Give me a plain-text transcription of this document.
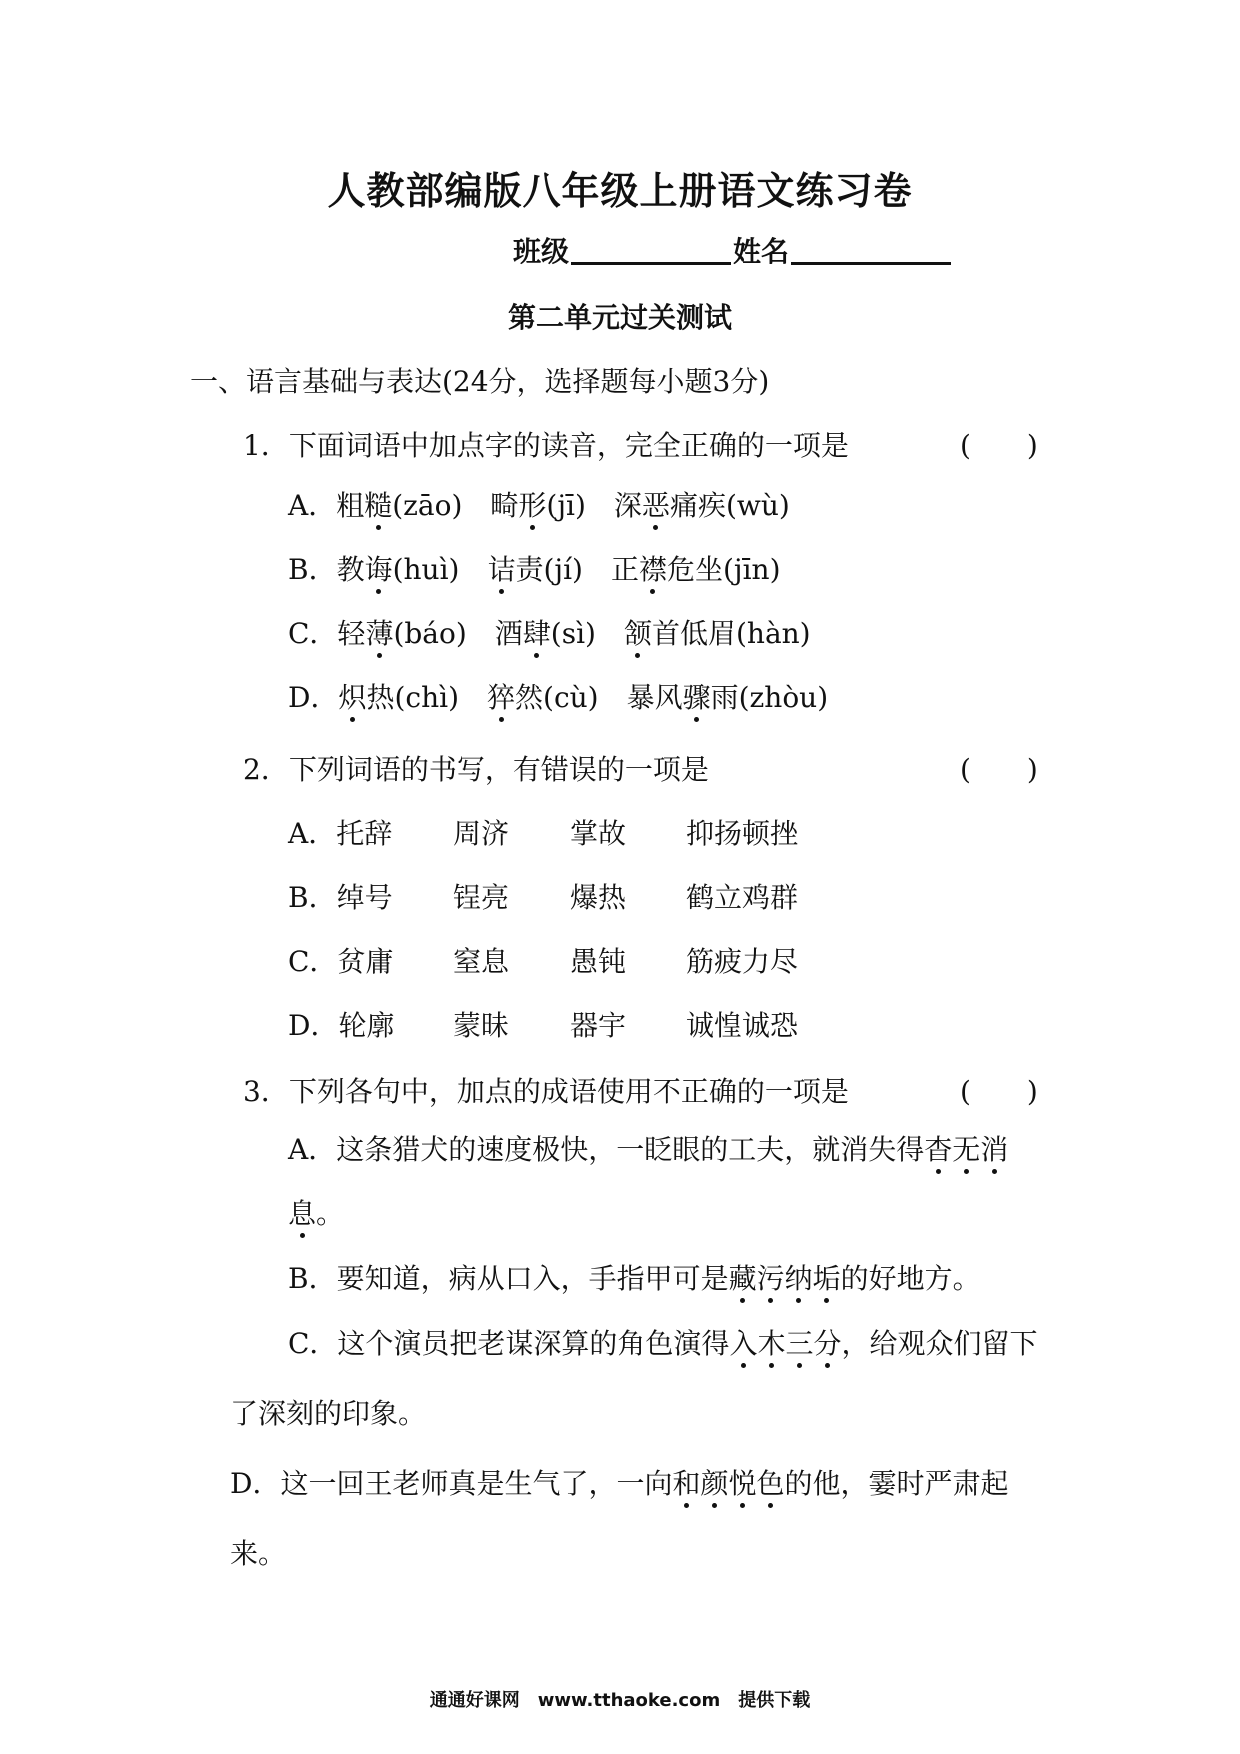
人教部编版八年级上册语文练习卷
班级	姓名
第二单元过关测试
一、语言基础与表达(24分，选择题每小题3分)
1．下面词语中加点字的读音，完全正确的一项是	(　　)
A．粗糙(zāo)　畸形(jī)　深恶痛疾(wù)
B．教诲(huì)　诘责(jí)　正襟危坐(jīn)
C．轻薄(báo)　酒肆(sì)　颔首低眉(hàn)
D．炽热(chì)　猝然(cù)　暴风骤雨(zhòu)
2．下列词语的书写，有错误的一项是	(　　)
A．托辞 周济 掌故 抑扬顿挫
B．绰号 锃亮 爆热 鹤立鸡群
C．贫庸 窒息 愚钝 筋疲力尽
D．轮廓 蒙昧 器宇 诚惶诚恐
3．下列各句中，加点的成语使用不正确的一项是	(　　)
A．这条猎犬的速度极快，一眨眼的工夫，就消失得杳无消
息。
B．要知道，病从口入，手指甲可是藏污纳垢的好地方。
C．这个演员把老谋深算的角色演得入木三分，给观众们留下
了深刻的印象。
D．这一回王老师真是生气了，一向和颜悦色的他，霎时严肃起
来。
通通好课网　www.tthaoke.com　提供下载
